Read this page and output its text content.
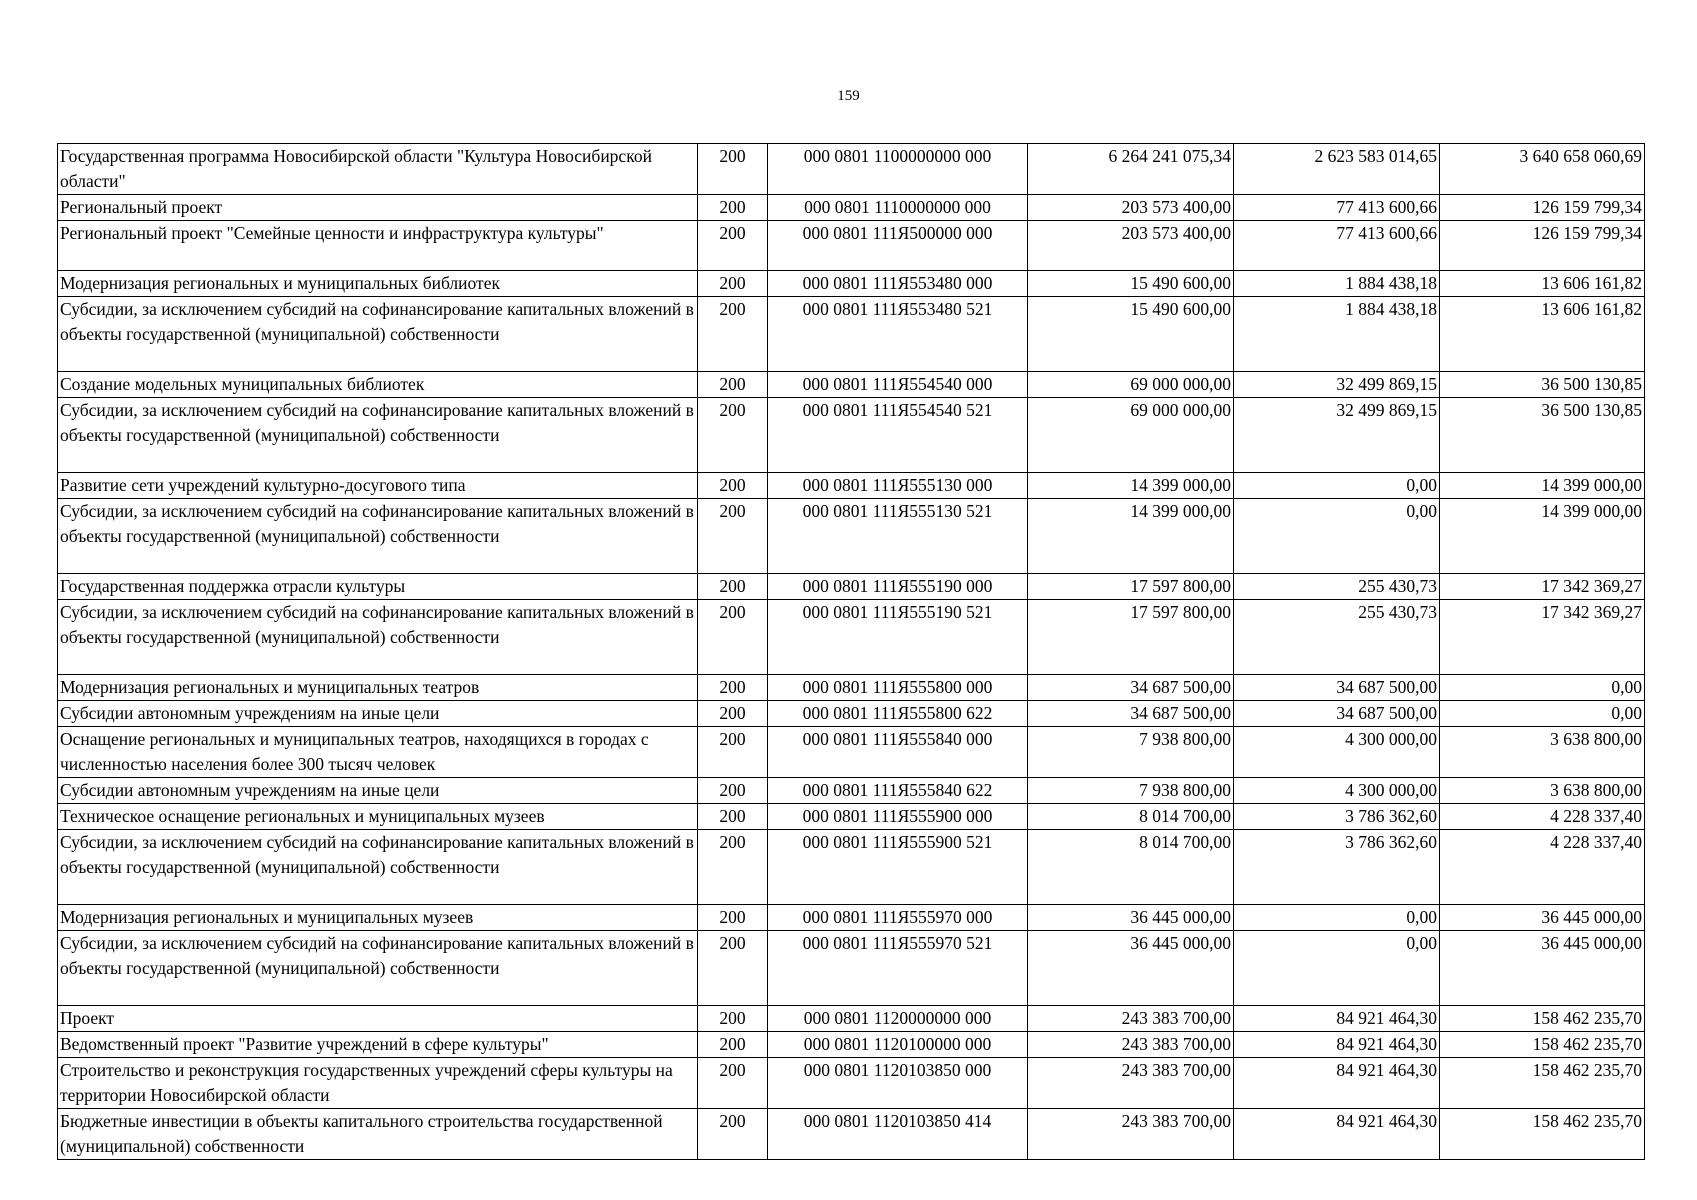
159
Государственная программа Новосибирской области "Культура Новосибирской области"	200	000 0801 1100000000 000	6 264 241 075,34	2 623 583 014,65	3 640 658 060,69
Региональный проект	200	000 0801 1110000000 000	203 573 400,00	77 413 600,66	126 159 799,34
Региональный проект "Семейные ценности и инфраструктура культуры"	200	000 0801 111Я500000 000	203 573 400,00	77 413 600,66	126 159 799,34
Модернизация региональных и муниципальных библиотек	200	000 0801 111Я553480 000	15 490 600,00	1 884 438,18	13 606 161,82
Субсидии, за исключением субсидий на софинансирование капитальных вложений в объекты государственной (муниципальной) собственности	200	000 0801 111Я553480 521	15 490 600,00	1 884 438,18	13 606 161,82
Создание модельных муниципальных библиотек	200	000 0801 111Я554540 000	69 000 000,00	32 499 869,15	36 500 130,85
Субсидии, за исключением субсидий на софинансирование капитальных вложений в объекты государственной (муниципальной) собственности	200	000 0801 111Я554540 521	69 000 000,00	32 499 869,15	36 500 130,85
Развитие сети учреждений культурно-досугового типа	200	000 0801 111Я555130 000	14 399 000,00	0,00	14 399 000,00
Субсидии, за исключением субсидий на софинансирование капитальных вложений в объекты государственной (муниципальной) собственности	200	000 0801 111Я555130 521	14 399 000,00	0,00	14 399 000,00
Государственная поддержка отрасли культуры	200	000 0801 111Я555190 000	17 597 800,00	255 430,73	17 342 369,27
Субсидии, за исключением субсидий на софинансирование капитальных вложений в объекты государственной (муниципальной) собственности	200	000 0801 111Я555190 521	17 597 800,00	255 430,73	17 342 369,27
Модернизация региональных и муниципальных театров	200	000 0801 111Я555800 000	34 687 500,00	34 687 500,00	0,00
Субсидии автономным учреждениям на иные цели	200	000 0801 111Я555800 622	34 687 500,00	34 687 500,00	0,00
Оснащение региональных и муниципальных театров, находящихся в городах с численностью населения более 300 тысяч человек	200	000 0801 111Я555840 000	7 938 800,00	4 300 000,00	3 638 800,00
Субсидии автономным учреждениям на иные цели	200	000 0801 111Я555840 622	7 938 800,00	4 300 000,00	3 638 800,00
Техническое оснащение региональных и муниципальных музеев	200	000 0801 111Я555900 000	8 014 700,00	3 786 362,60	4 228 337,40
Субсидии, за исключением субсидий на софинансирование капитальных вложений в объекты государственной (муниципальной) собственности	200	000 0801 111Я555900 521	8 014 700,00	3 786 362,60	4 228 337,40
Модернизация региональных и муниципальных музеев	200	000 0801 111Я555970 000	36 445 000,00	0,00	36 445 000,00
Субсидии, за исключением субсидий на софинансирование капитальных вложений в объекты государственной (муниципальной) собственности	200	000 0801 111Я555970 521	36 445 000,00	0,00	36 445 000,00
Проект	200	000 0801 1120000000 000	243 383 700,00	84 921 464,30	158 462 235,70
Ведомственный проект "Развитие учреждений в сфере культуры"	200	000 0801 1120100000 000	243 383 700,00	84 921 464,30	158 462 235,70
Строительство и реконструкция государственных учреждений сферы культуры на территории Новосибирской области	200	000 0801 1120103850 000	243 383 700,00	84 921 464,30	158 462 235,70
Бюджетные инвестиции в объекты капитального строительства государственной (муниципальной) собственности	200	000 0801 1120103850 414	243 383 700,00	84 921 464,30	158 462 235,70
